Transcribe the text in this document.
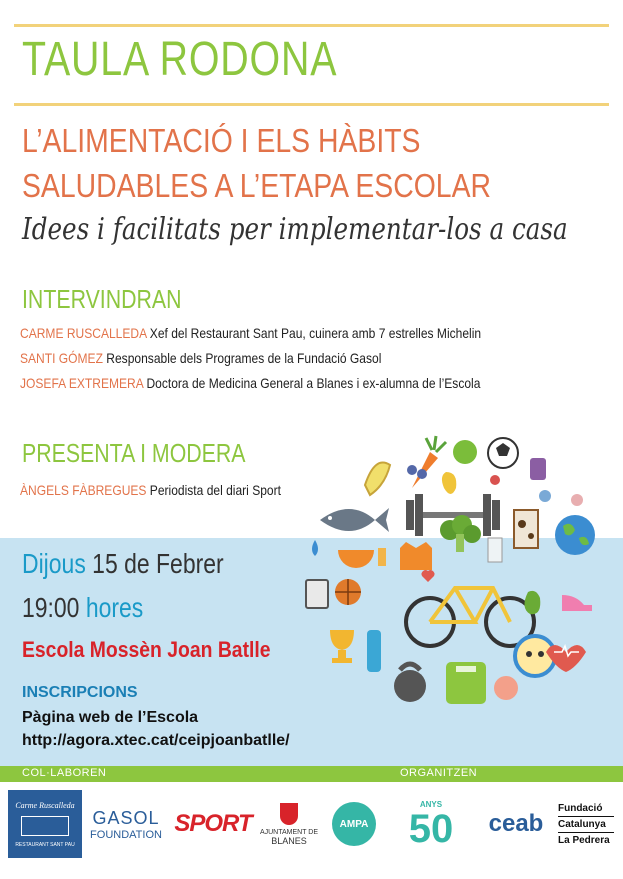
TAULA RODONA
L’ALIMENTACIÓ I ELS HÀBITS
SALUDABLES A L’ETAPA ESCOLAR
Idees i facilitats per implementar-los a casa
INTERVINDRAN
CARME RUSCALLEDA Xef del Restaurant Sant Pau, cuinera amb 7 estrelles Michelin
SANTI GÓMEZ Responsable dels Programes de la Fundació Gasol
JOSEFA EXTREMERA Doctora de Medicina General a Blanes i ex-alumna de l’Escola
PRESENTA I MODERA
ÀNGELS FÀBREGUES Periodista del diari Sport
Dijous 15 de Febrer
19:00 hores
Escola Mossèn Joan Batlle
INSCRIPCIONS
Pàgina web de l’Escola
http://agora.xtec.cat/ceipjoanbatlle/
COL·LABOREN	ORGANITZEN
Carme Ruscalleda
RESTAURANT SANT PAU
GASOL
FOUNDATION SPORT	AJUNTAMENT DE
BLANES
AMPA
ANYS
50	ceab
Fundació
Catalunya
La Pedrera
